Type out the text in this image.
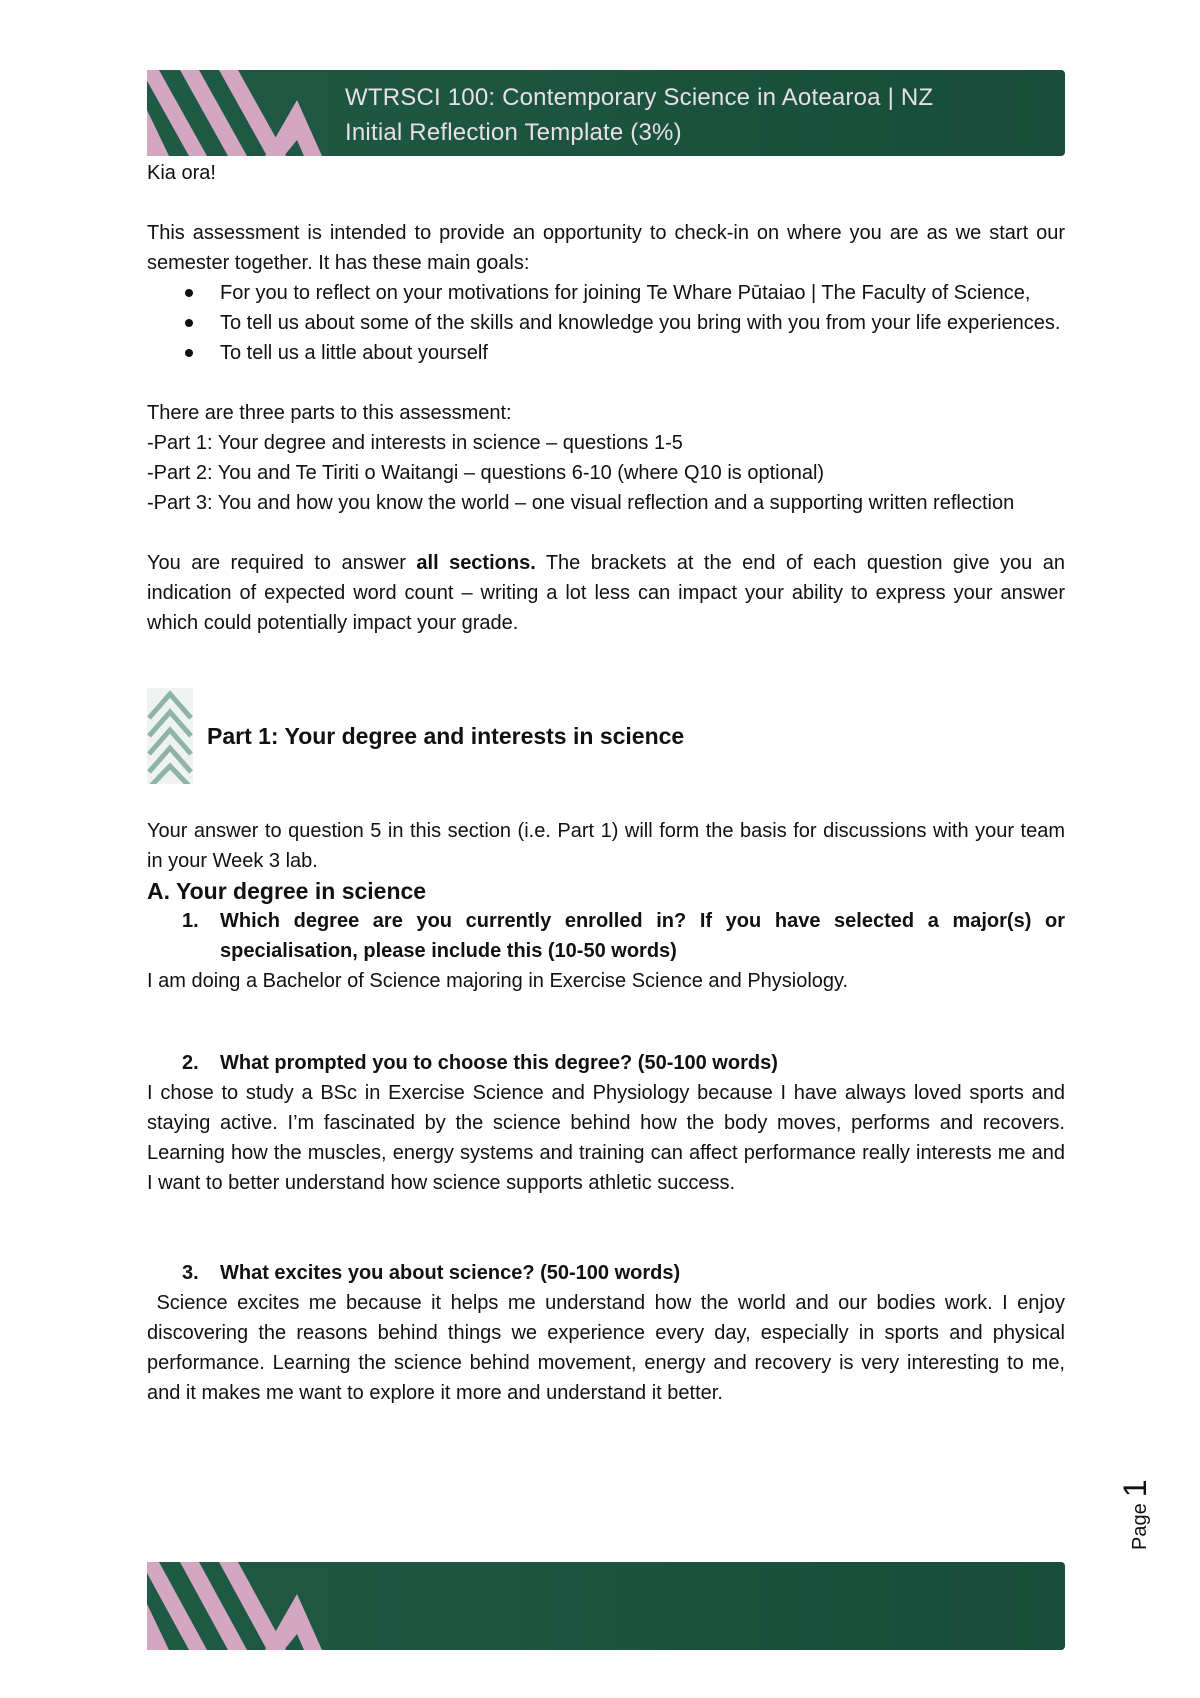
WTRSCI 100: Contemporary Science in Aotearoa | NZ
Initial Reflection Template (3%)

Kia ora!

This assessment is intended to provide an opportunity to check-in on where you are as we start our semester together. It has these main goals:

For you to reflect on your motivations for joining Te Whare Pūtaiao | The Faculty of Science,
To tell us about some of the skills and knowledge you bring with you from your life experiences.
To tell us a little about yourself

There are three parts to this assessment:

-Part 1: Your degree and interests in science – questions 1-5

-Part 2: You and Te Tiriti o Waitangi – questions 6-10 (where Q10 is optional)

-Part 3: You and how you know the world – one visual reflection and a supporting written reflection

You are required to answer all sections. The brackets at the end of each question give you an indication of expected word count – writing a lot less can impact your ability to express your answer which could potentially impact your grade.

Part 1: Your degree and interests in science

Your answer to question 5 in this section (i.e. Part 1) will form the basis for discussions with your team in your Week 3 lab.

A. Your degree in science
1.	Which degree are you currently enrolled in? If you have selected a major(s) or specialisation, please include this (10-50 words)

I am doing a Bachelor of Science majoring in Exercise Science and Physiology.

2.	What prompted you to choose this degree? (50-100 words)

I chose to study a BSc in Exercise Science and Physiology because I have always loved sports and staying active. I’m fascinated by the science behind how the body moves, performs and recovers. Learning how the muscles, energy systems and training can affect performance really interests me and I want to better understand how science supports athletic success.

3.	What excites you about science? (50-100 words)

Science excites me because it helps me understand how the world and our bodies work. I enjoy discovering the reasons behind things we experience every day, especially in sports and physical performance. Learning the science behind movement, energy and recovery is very interesting to me, and it makes me want to explore it more and understand it better.

Page1
